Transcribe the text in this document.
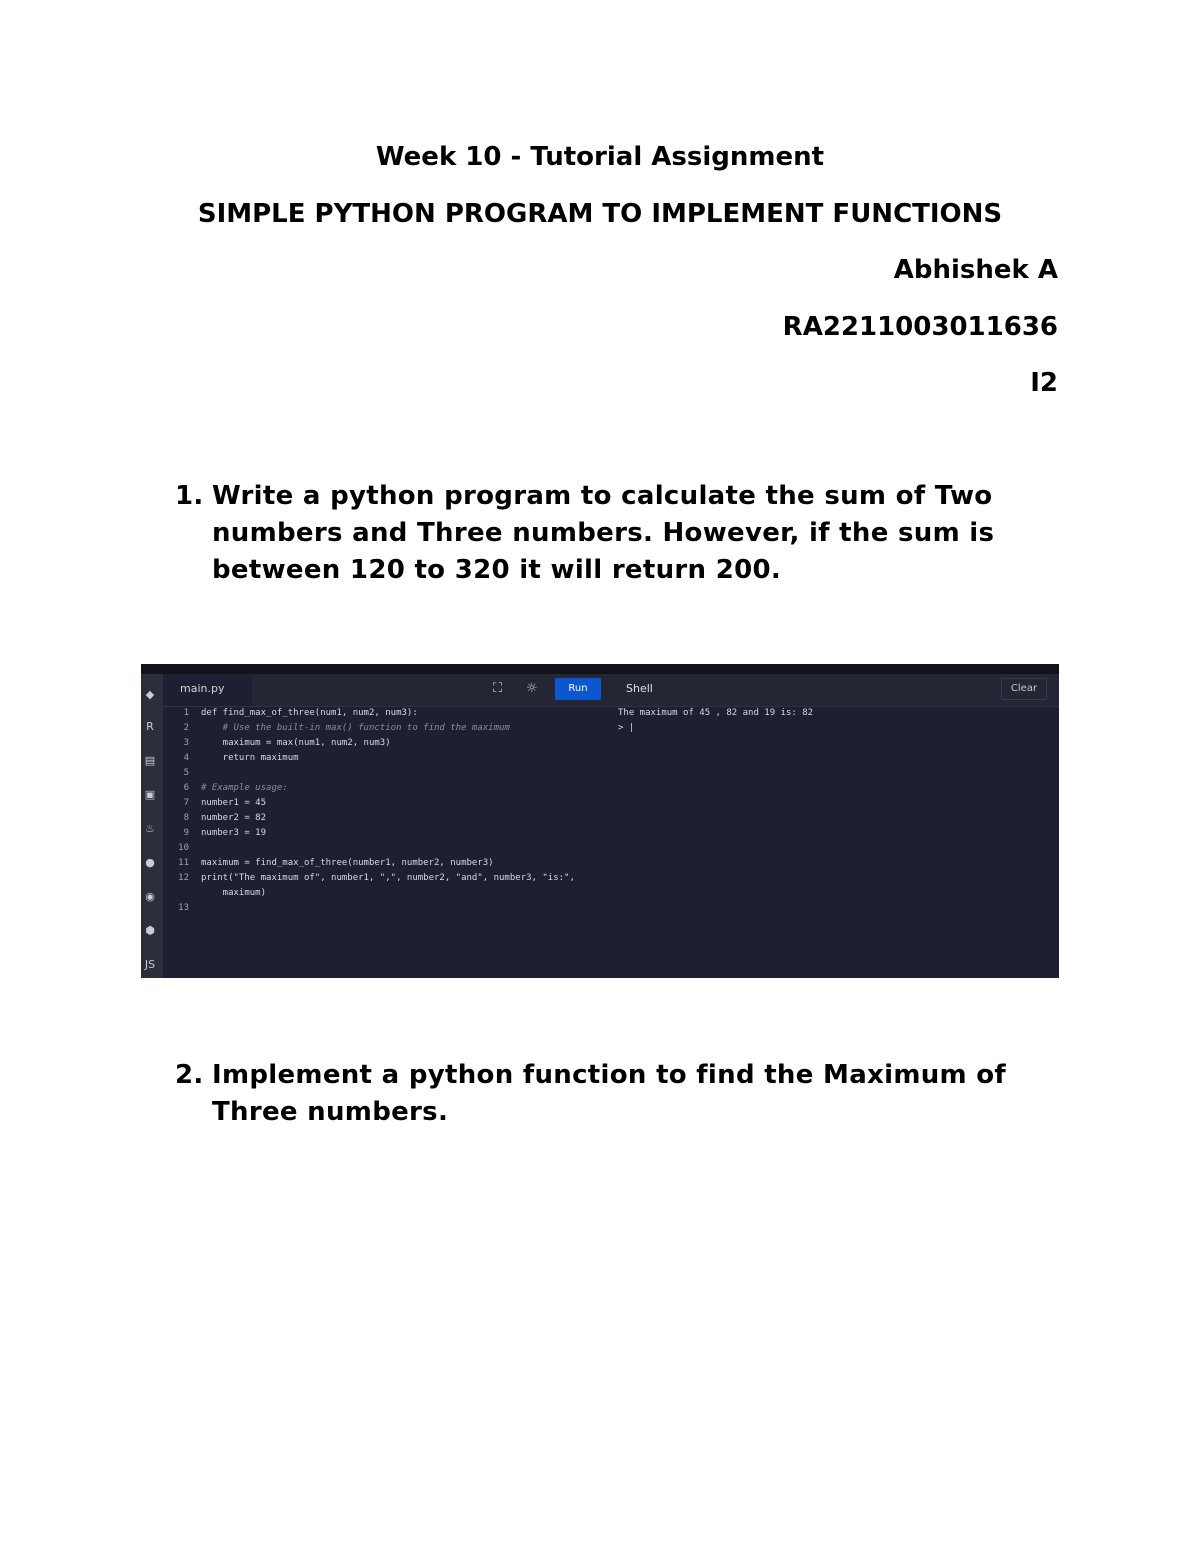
Week 10 - Tutorial Assignment
SIMPLE PYTHON PROGRAM TO IMPLEMENT FUNCTIONS
Abhishek A
RA2211003011636
I2
1. Write a python program to calculate the sum of Two numbers and Three numbers. However, if the sum is between 120 to 320 it will return 200.
◆
R
▤
▣
♨
●
◉
⬢
JS
main.py	⛶ ☼	Run	Shell	Clear
1
2
3
4
5
6
7
8
9
10
11
12
13
def find_max_of_three(num1, num2, num3):
# Use the built-in max() function to find the maximum
maximum = max(num1, num2, num3)
return maximum
# Example usage:
number1 = 45
number2 = 82
number3 = 19
maximum = find_max_of_three(number1, number2, number3)
print("The maximum of", number1, ",", number2, "and", number3, "is:",
maximum)
The maximum of 45 , 82 and 19 is: 82
> |
2. Implement a python function to find the Maximum of Three numbers.
